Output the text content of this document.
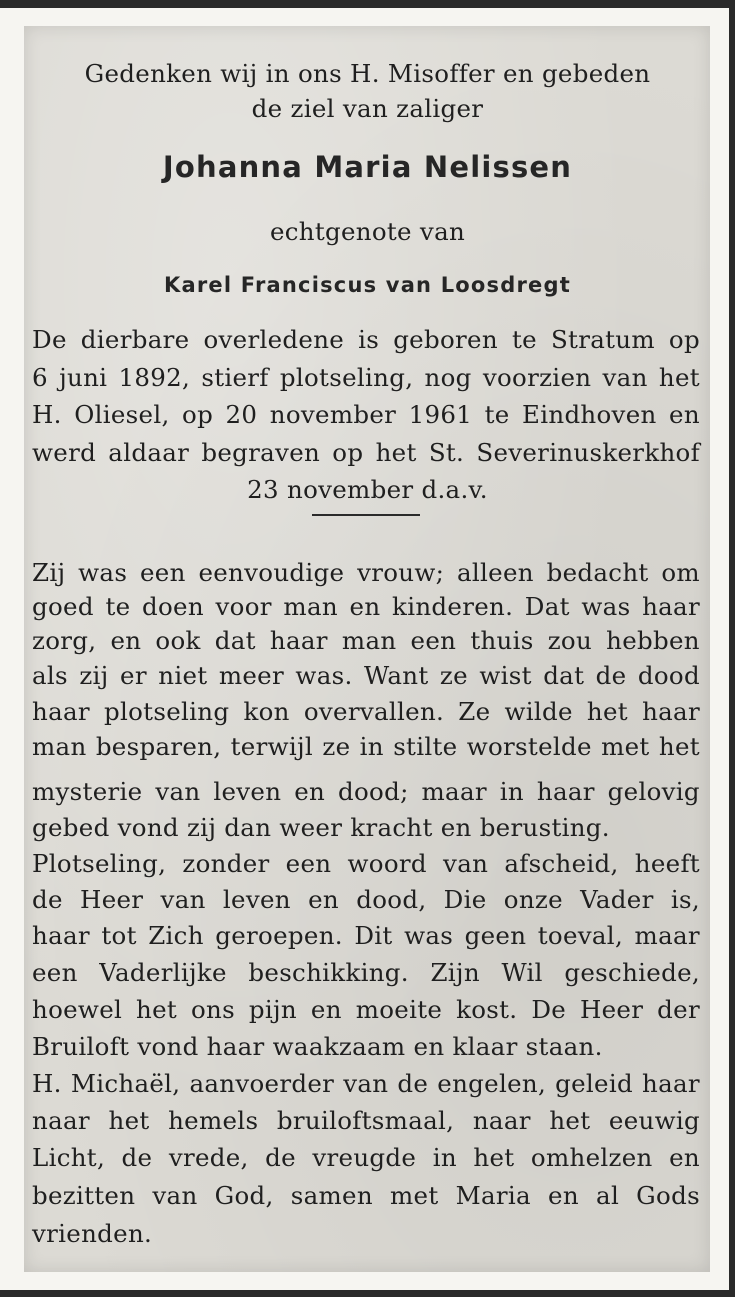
Gedenken wij in ons H. Misoffer en gebeden
de ziel van zaliger
Johanna Maria Nelissen
echtgenote van
Karel Franciscus van Loosdregt
De dierbare overledene is geboren te Stratum op
6 juni 1892, stierf plotseling, nog voorzien van het
H. Oliesel, op 20 november 1961 te Eindhoven en
werd aldaar begraven op het St. Severinuskerkhof
23 november d.a.v.
Zij was een eenvoudige vrouw; alleen bedacht om
goed te doen voor man en kinderen. Dat was haar
zorg, en ook dat haar man een thuis zou hebben
als zij er niet meer was. Want ze wist dat de dood
haar plotseling kon overvallen. Ze wilde het haar
man besparen, terwijl ze in stilte worstelde met het
mysterie van leven en dood; maar in haar gelovig
gebed vond zij dan weer kracht en berusting.
Plotseling, zonder een woord van afscheid, heeft
de Heer van leven en dood, Die onze Vader is,
haar tot Zich geroepen. Dit was geen toeval, maar
een Vaderlijke beschikking. Zijn Wil geschiede,
hoewel het ons pijn en moeite kost. De Heer der
Bruiloft vond haar waakzaam en klaar staan.
H. Michaël, aanvoerder van de engelen, geleid haar
naar het hemels bruiloftsmaal, naar het eeuwig
Licht, de vrede, de vreugde in het omhelzen en
bezitten van God, samen met Maria en al Gods
vrienden.
